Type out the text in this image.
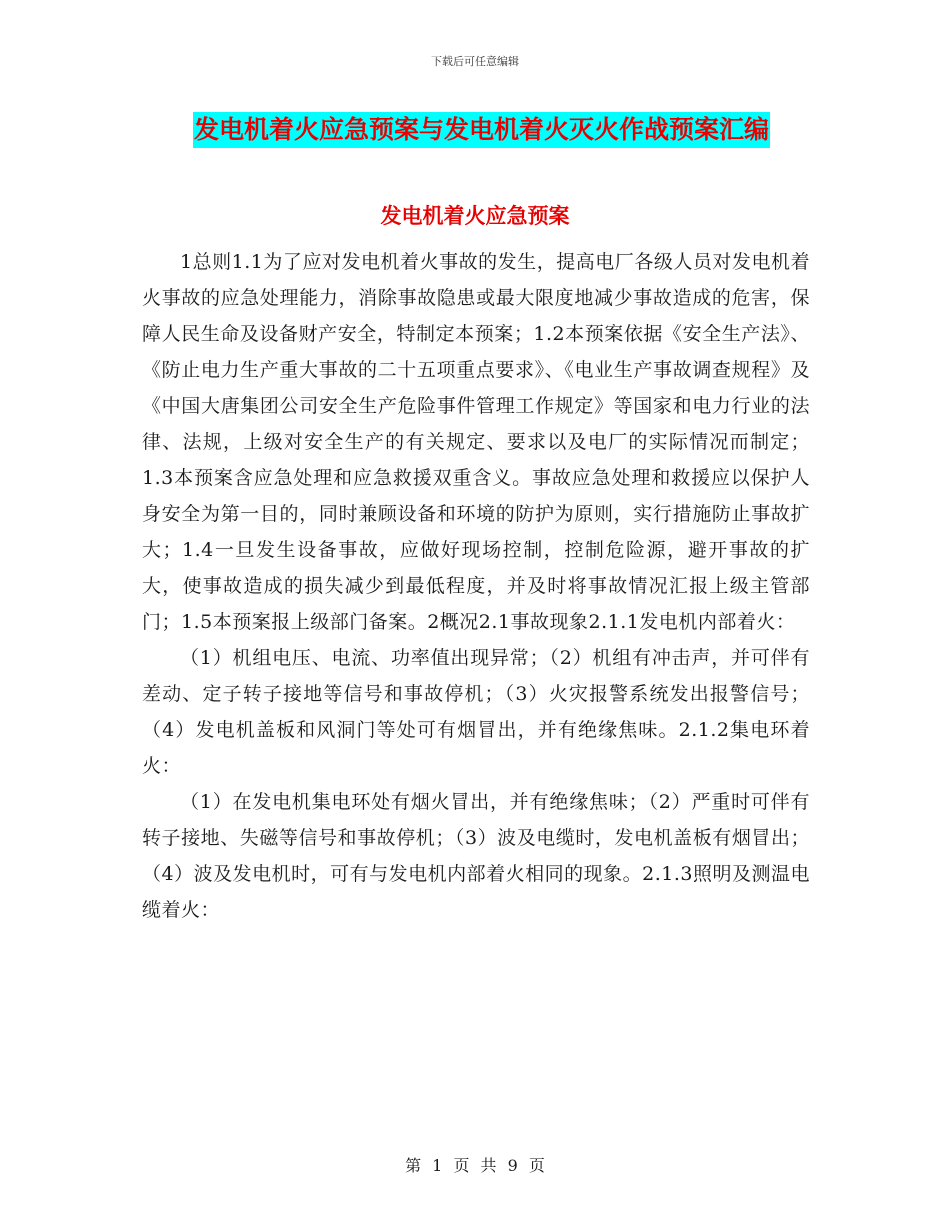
下载后可任意编辑
发电机着火应急预案与发电机着火灭火作战预案汇编
发电机着火应急预案

1总则1.1为了应对发电机着火事故的发生，提高电厂各级人员对发电机着火事故的应急处理能力，消除事故隐患或最大限度地减少事故造成的危害，保障人民生命及设备财产安全，特制定本预案；1.2本预案依据《安全生产法》、《防止电力生产重大事故的二十五项重点要求》、《电业生产事故调查规程》及《中国大唐集团公司安全生产危险事件管理工作规定》等国家和电力行业的法律、法规，上级对安全生产的有关规定、要求以及电厂的实际情况而制定；1.3本预案含应急处理和应急救援双重含义。事故应急处理和救援应以保护人身安全为第一目的，同时兼顾设备和环境的防护为原则，实行措施防止事故扩大；1.4一旦发生设备事故，应做好现场控制，控制危险源，避开事故的扩大，使事故造成的损失减少到最低程度，并及时将事故情况汇报上级主管部门；1.5本预案报上级部门备案。2概况2.1事故现象2.1.1发电机内部着火：

（1）机组电压、电流、功率值出现异常；（2）机组有冲击声，并可伴有差动、定子转子接地等信号和事故停机；（3）火灾报警系统发出报警信号；（4）发电机盖板和风洞门等处可有烟冒出，并有绝缘焦味。2.1.2集电环着火：

（1）在发电机集电环处有烟火冒出，并有绝缘焦味；（2）严重时可伴有转子接地、失磁等信号和事故停机；（3）波及电缆时，发电机盖板有烟冒出；（4）波及发电机时，可有与发电机内部着火相同的现象。2.1.3照明及测温电缆着火：

第 1 页 共 9 页
